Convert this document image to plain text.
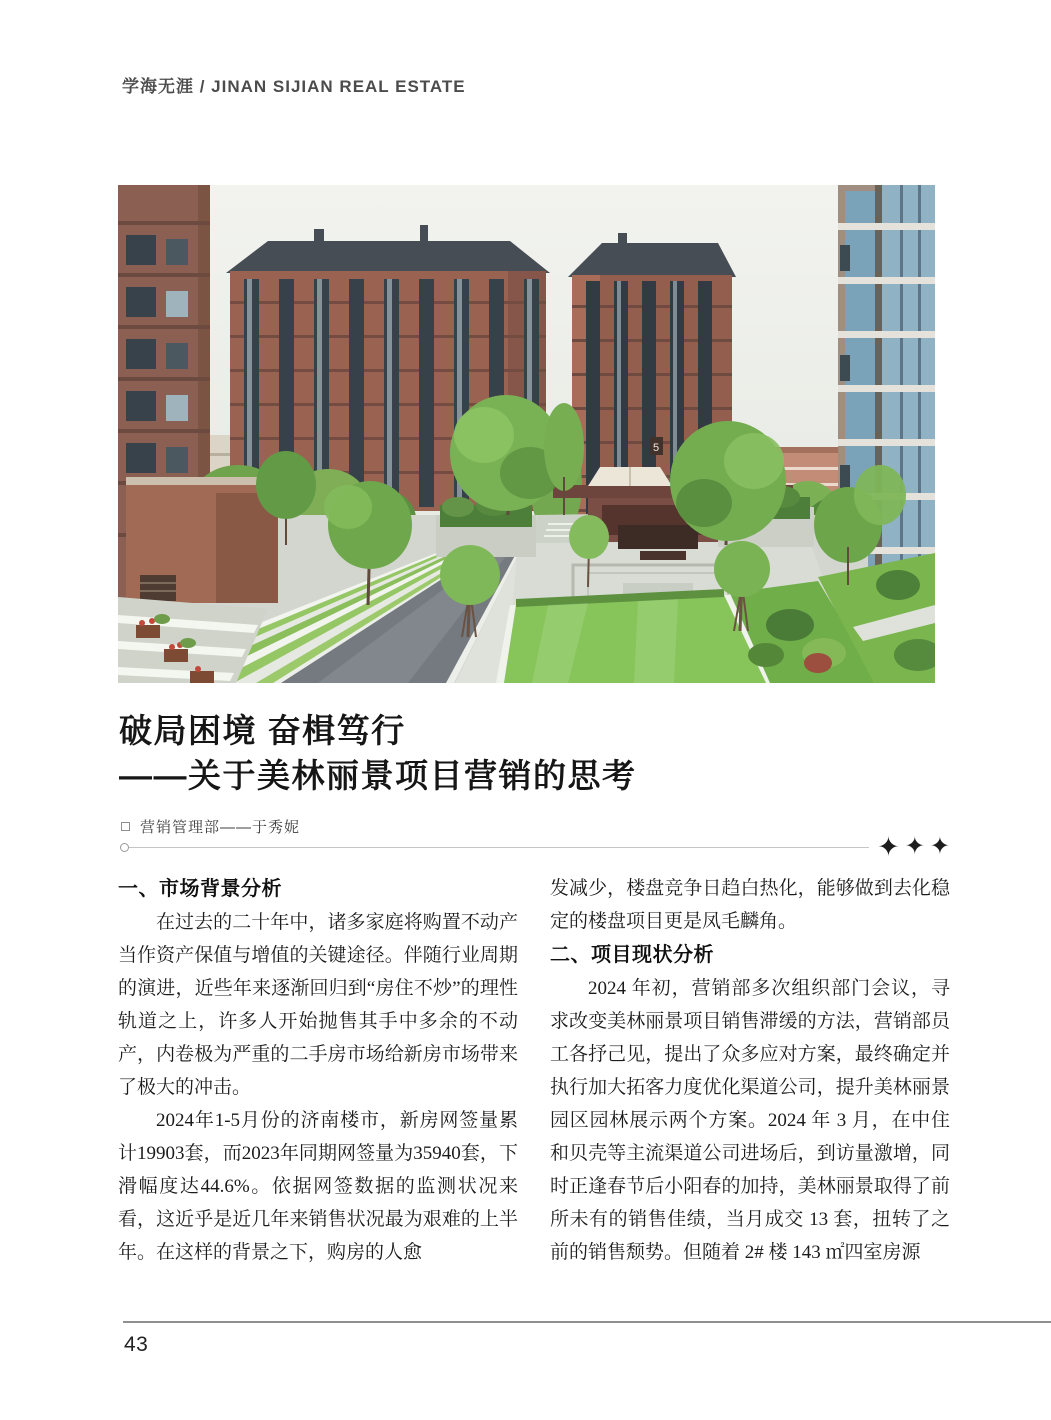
学海无涯 / JINAN SIJIAN REAL ESTATE
5
破局困境 奋楫笃行
——关于美林丽景项目营销的思考
营销管理部——于秀妮
✦ ✦ ✦
一、市场背景分析

在过去的二十年中，诸多家庭将购置不动产当作资产保值与增值的关键途径。伴随行业周期的演进，近些年来逐渐回归到“房住不炒”的理性轨道之上，许多人开始抛售其手中多余的不动产，内卷极为严重的二手房市场给新房市场带来了极大的冲击。

2024年1-5月份的济南楼市，新房网签量累计19903套，而2023年同期网签量为35940套，下滑幅度达44.6%。依据网签数据的监测状况来看，这近乎是近几年来销售状况最为艰难的上半年。在这样的背景之下，购房的人愈

发减少，楼盘竞争日趋白热化，能够做到去化稳定的楼盘项目更是凤毛麟角。

二、项目现状分析

2024 年初，营销部多次组织部门会议，寻求改变美林丽景项目销售滞缓的方法，营销部员工各抒己见，提出了众多应对方案，最终确定并执行加大拓客力度优化渠道公司，提升美林丽景园区园林展示两个方案。2024 年 3 月，在中住和贝壳等主流渠道公司进场后，到访量激增，同时正逢春节后小阳春的加持，美林丽景取得了前所未有的销售佳绩，当月成交 13 套，扭转了之前的销售颓势。但随着 2# 楼 143 ㎡四室房源

43
